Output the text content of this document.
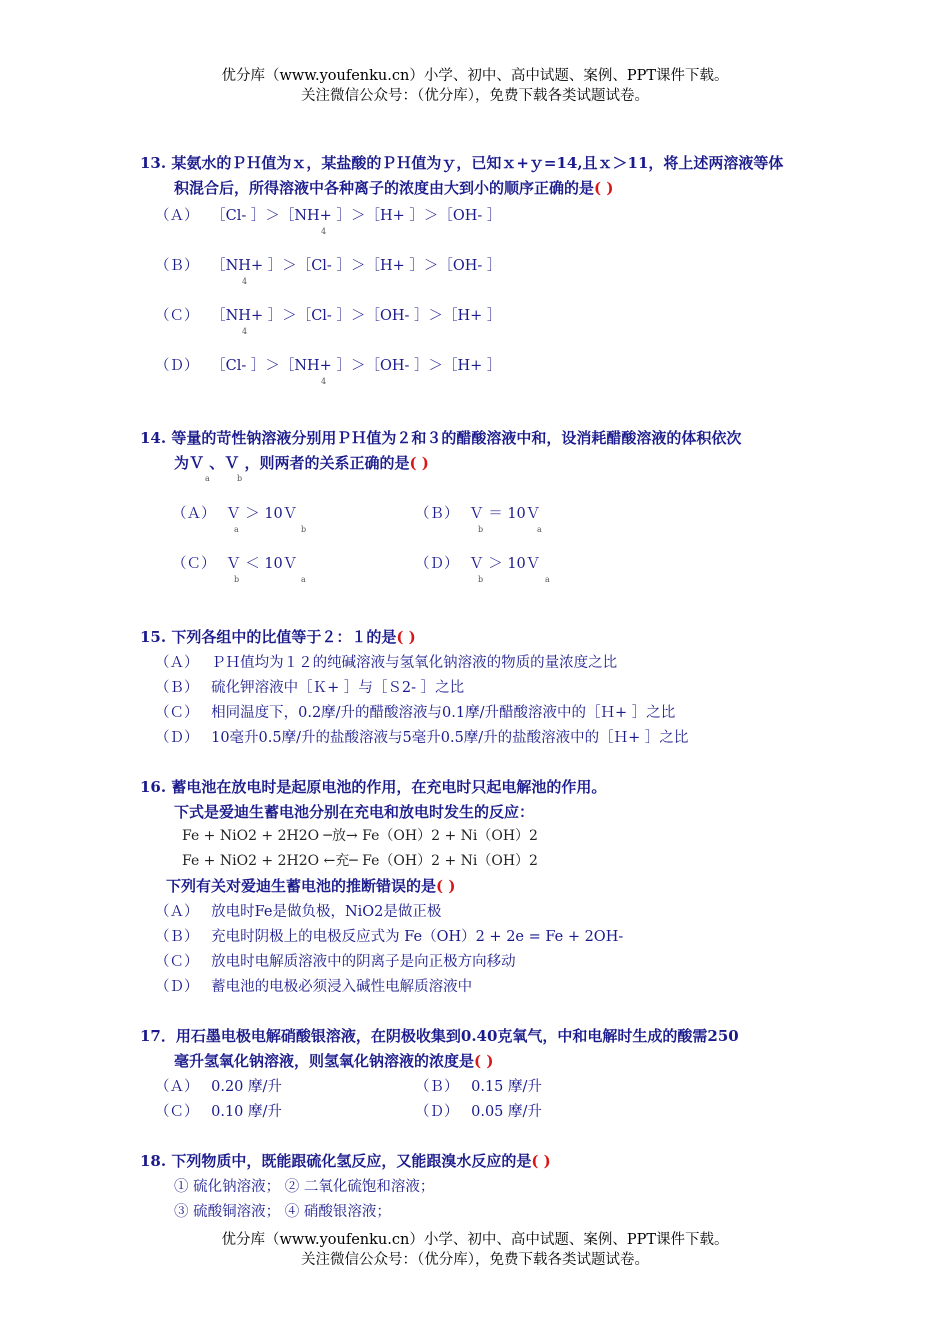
优分库（www.youfenku.cn）小学、初中、高中试题、案例、PPT课件下载。
关注微信公众号：（优分库），免费下载各类试题试卷。
13. 某氨水的ＰＨ值为ｘ，某盐酸的ＰＨ值为ｙ，已知ｘ+ｙ=14,且ｘ＞11，将上述两溶液等体
积混合后，所得溶液中各种离子的浓度由大到小的顺序正确的是( )
（Ａ） ［Cl- ］＞［NH+ ］＞［H+ ］＞［OH- ］
4
（Ｂ） ［NH+ ］＞［Cl- ］＞［H+ ］＞［OH- ］
4
（Ｃ） ［NH+ ］＞［Cl- ］＞［OH- ］＞［H+ ］
4
（Ｄ） ［Cl- ］＞［NH+ ］＞［OH- ］＞［H+ ］
4
14. 等量的苛性钠溶液分别用ＰＨ值为２和３的醋酸溶液中和，设消耗醋酸溶液的体积依次
为Ｖ 、Ｖ ，则两者的关系正确的是( )
a	b
（Ａ） Ｖ ＞ 10Ｖ
a	b
（Ｂ） Ｖ ＝ 10Ｖ
b	a
（Ｃ） Ｖ ＜ 10Ｖ
b	a
（Ｄ） Ｖ ＞ 10Ｖ
b	a
15. 下列各组中的比值等于２：１的是( )
（Ａ） ＰＨ值均为１２的纯碱溶液与氢氧化钠溶液的物质的量浓度之比
（Ｂ） 硫化钾溶液中［Ｋ+ ］与［Ｓ2- ］之比
（Ｃ） 相同温度下，0.2摩/升的醋酸溶液与0.1摩/升醋酸溶液中的［Ｈ+ ］之比
（Ｄ） 10毫升0.5摩/升的盐酸溶液与5毫升0.5摩/升的盐酸溶液中的［Ｈ+ ］之比
16. 蓄电池在放电时是起原电池的作用，在充电时只起电解池的作用。
下式是爱迪生蓄电池分别在充电和放电时发生的反应：
Fe + NiO2 + 2H2O ─放→ Fe（OH）2 + Ni（OH）2
Fe + NiO2 + 2H2O ←充─ Fe（OH）2 + Ni（OH）2
下列有关对爱迪生蓄电池的推断错误的是( )
（Ａ） 放电时Fe是做负极，NiO2是做正极
（Ｂ） 充电时阴极上的电极反应式为 Fe（OH）2 + 2e = Fe + 2OH-
（Ｃ） 放电时电解质溶液中的阴离子是向正极方向移动
（Ｄ） 蓄电池的电极必须浸入碱性电解质溶液中
17．用石墨电极电解硝酸银溶液，在阴极收集到0.40克氧气，中和电解时生成的酸需250
毫升氢氧化钠溶液，则氢氧化钠溶液的浓度是( )
（Ａ） 0.20 摩/升	（Ｂ） 0.15 摩/升
（Ｃ） 0.10 摩/升	（Ｄ） 0.05 摩/升
18. 下列物质中，既能跟硫化氢反应，又能跟溴水反应的是( )
① 硫化钠溶液； ② 二氧化硫饱和溶液；
③ 硫酸铜溶液； ④ 硝酸银溶液；
优分库（www.youfenku.cn）小学、初中、高中试题、案例、PPT课件下载。
关注微信公众号：（优分库），免费下载各类试题试卷。
